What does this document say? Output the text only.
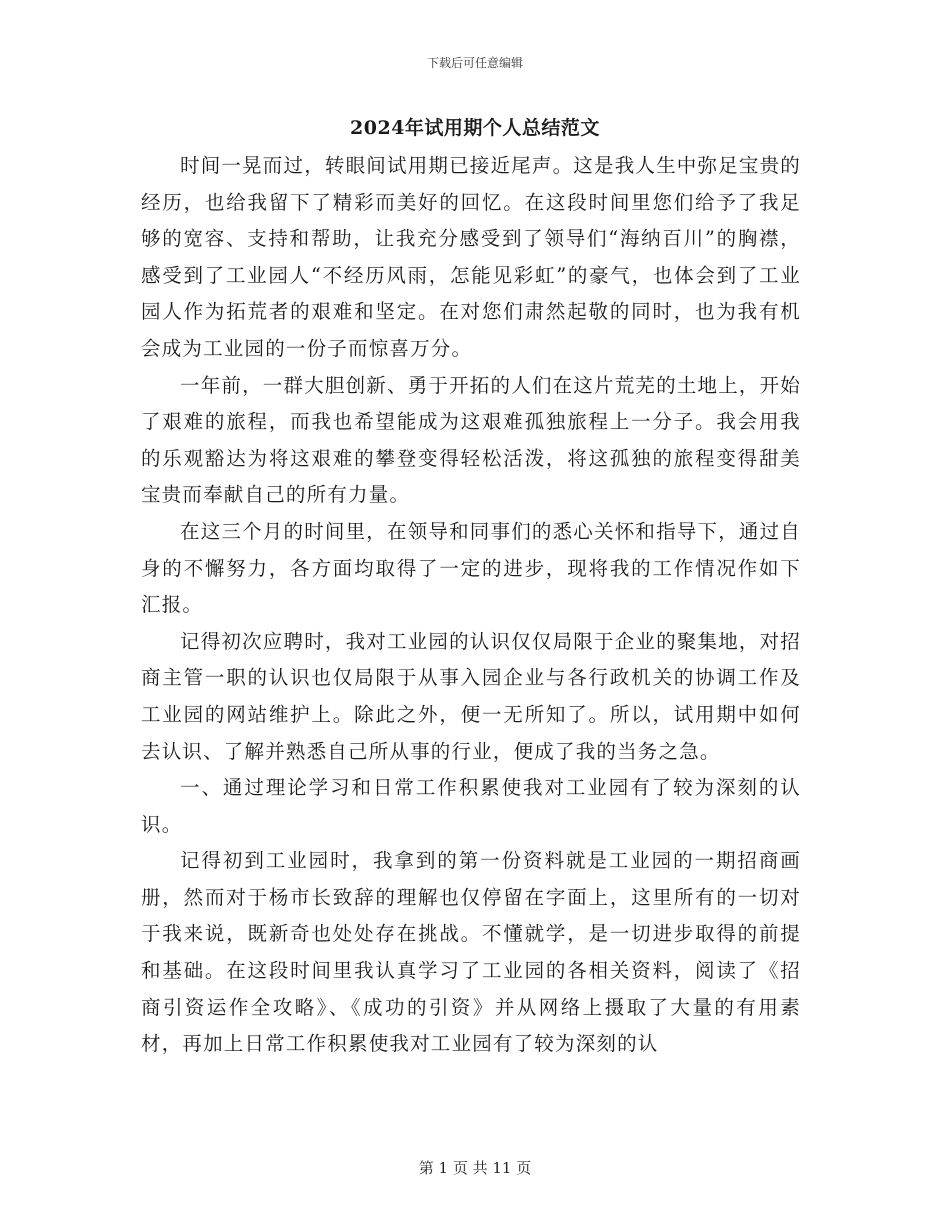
下载后可任意编辑
2024年试用期个人总结范文

时间一晃而过，转眼间试用期已接近尾声。这是我人生中弥足宝贵的经历，也给我留下了精彩而美好的回忆。在这段时间里您们给予了我足够的宽容、支持和帮助，让我充分感受到了领导们“海纳百川”的胸襟，感受到了工业园人“不经历风雨，怎能见彩虹”的豪气，也体会到了工业园人作为拓荒者的艰难和坚定。在对您们肃然起敬的同时，也为我有机会成为工业园的一份子而惊喜万分。

一年前，一群大胆创新、勇于开拓的人们在这片荒芜的土地上，开始了艰难的旅程，而我也希望能成为这艰难孤独旅程上一分子。我会用我的乐观豁达为将这艰难的攀登变得轻松活泼，将这孤独的旅程变得甜美宝贵而奉献自己的所有力量。

在这三个月的时间里，在领导和同事们的悉心关怀和指导下，通过自身的不懈努力，各方面均取得了一定的进步，现将我的工作情况作如下汇报。

记得初次应聘时，我对工业园的认识仅仅局限于企业的聚集地，对招商主管一职的认识也仅局限于从事入园企业与各行政机关的协调工作及工业园的网站维护上。除此之外，便一无所知了。所以，试用期中如何去认识、了解并熟悉自己所从事的行业，便成了我的当务之急。

一、通过理论学习和日常工作积累使我对工业园有了较为深刻的认识。

记得初到工业园时，我拿到的第一份资料就是工业园的一期招商画册，然而对于杨市长致辞的理解也仅停留在字面上，这里所有的一切对于我来说，既新奇也处处存在挑战。不懂就学，是一切进步取得的前提和基础。在这段时间里我认真学习了工业园的各相关资料，阅读了《招商引资运作全攻略》、《成功的引资》并从网络上摄取了大量的有用素材，再加上日常工作积累使我对工业园有了较为深刻的认

第 1 页 共 11 页
